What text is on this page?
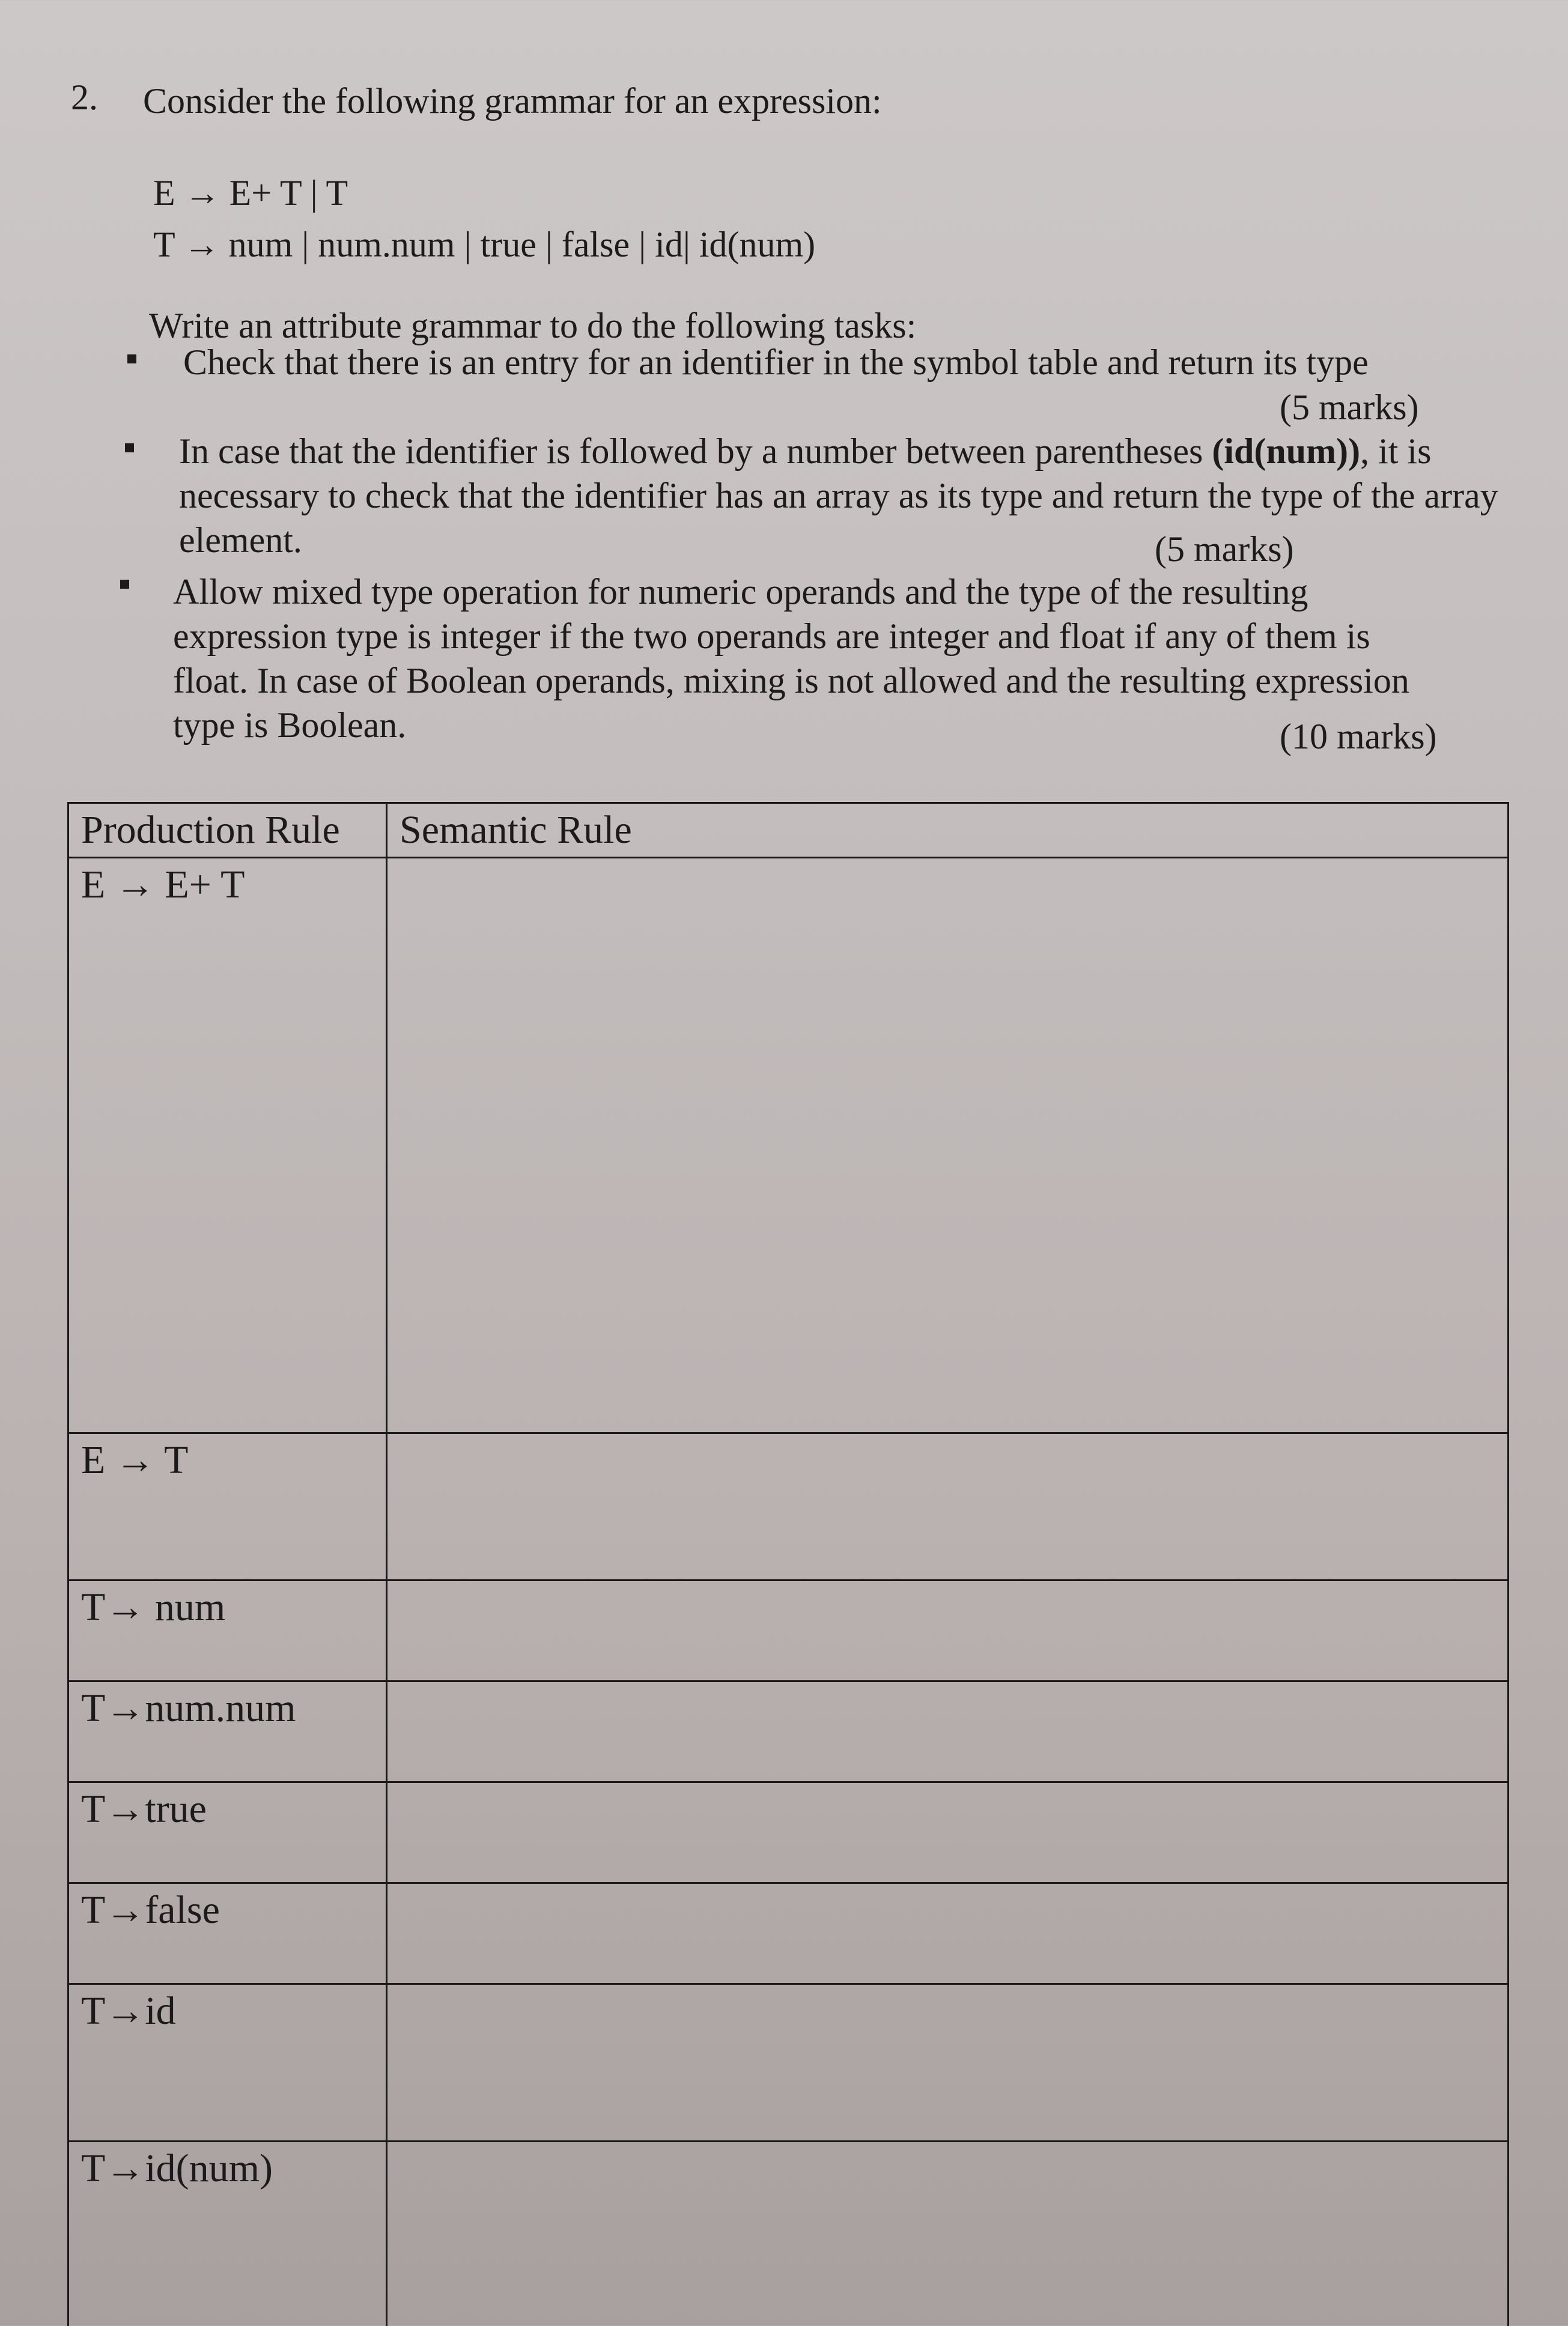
2. Consider the following grammar for an expression:
E → E+ T | T
T → num | num.num | true | false | id| id(num)
Write an attribute grammar to do the following tasks:
Check that there is an entry for an identifier in the symbol table and return its type
(5 marks)
In case that the identifier is followed by a number between parentheses (id(num)), it is necessary to check that the identifier has an array as its type and return the type of the array element.	(5 marks)
Allow mixed type operation for numeric operands and the type of the resulting expression type is integer if the two operands are integer and float if any of them is float. In case of Boolean operands, mixing is not allowed and the resulting expression type is Boolean.	(10 marks)
Production Rule	Semantic Rule
E → E+ T	
E → T	
T→ num	
T→num.num	
T→true	
T→false	
T→id	
T→id(num)	
